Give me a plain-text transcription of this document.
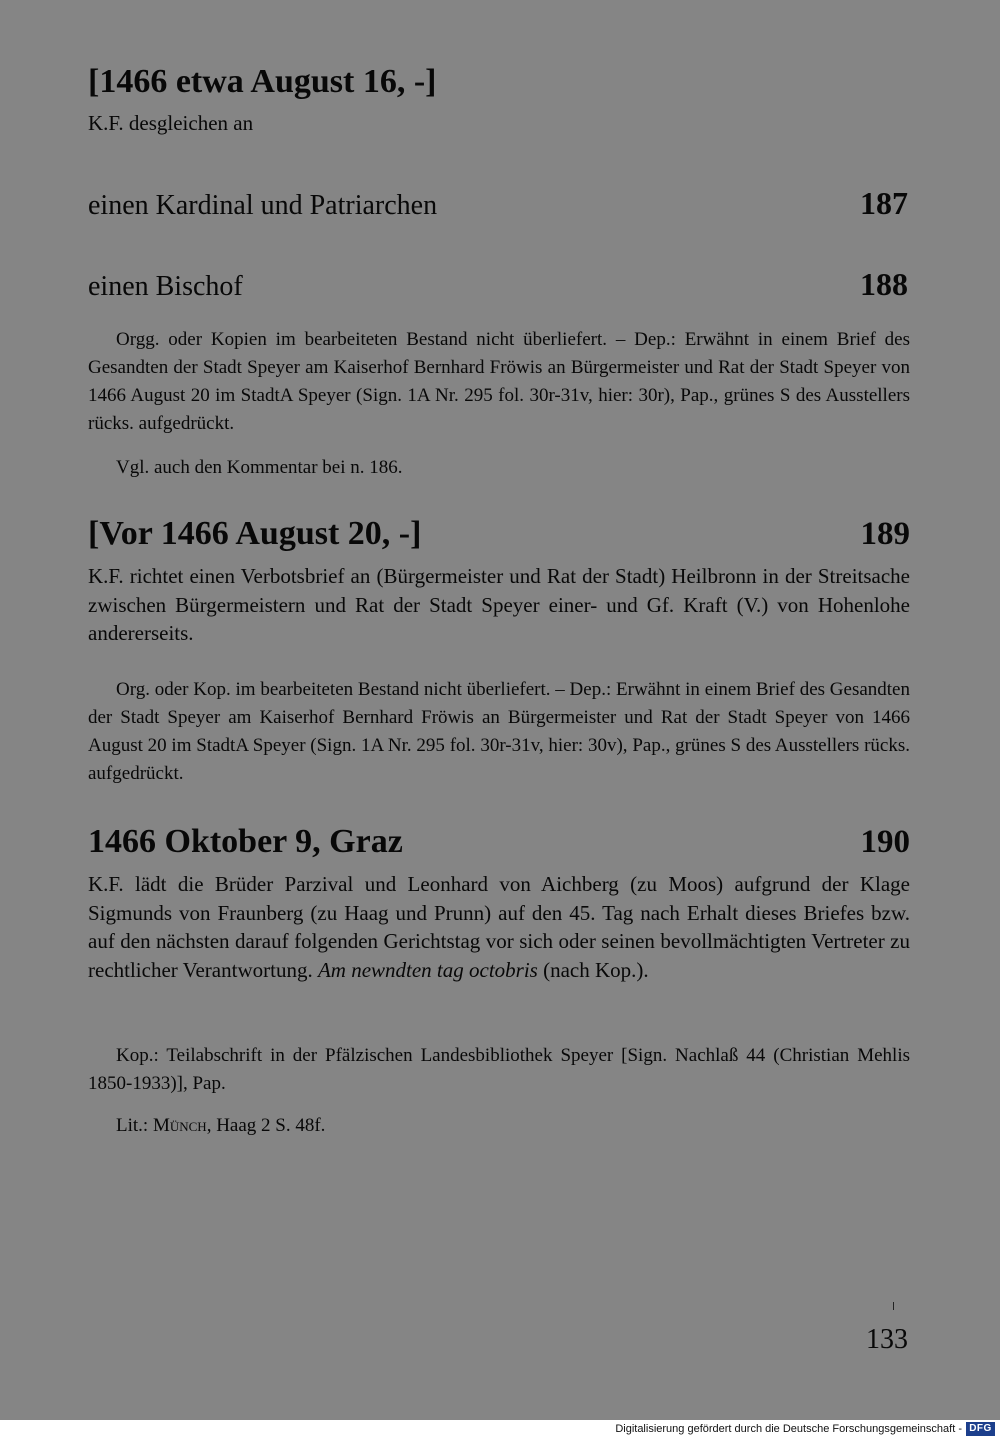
[1466 etwa August 16, -]
K.F. desgleichen an
einen Kardinal und Patriarchen	187
einen Bischof	188

Orgg. oder Kopien im bearbeiteten Bestand nicht überliefert. – Dep.: Erwähnt in einem Brief des Gesandten der Stadt Speyer am Kaiserhof Bernhard Fröwis an Bürgermeister und Rat der Stadt Speyer von 1466 August 20 im StadtA Speyer (Sign. 1A Nr. 295 fol. 30r-31v, hier: 30r), Pap., grünes S des Ausstellers rücks. aufgedrückt.

Vgl. auch den Kommentar bei n. 186.

[Vor 1466 August 20, -]	189

K.F. richtet einen Verbotsbrief an (Bürgermeister und Rat der Stadt) Heilbronn in der Streitsache zwischen Bürgermeistern und Rat der Stadt Speyer einer- und Gf. Kraft (V.) von Hohenlohe andererseits.

Org. oder Kop. im bearbeiteten Bestand nicht überliefert. – Dep.: Erwähnt in einem Brief des Gesandten der Stadt Speyer am Kaiserhof Bernhard Fröwis an Bürgermeister und Rat der Stadt Speyer von 1466 August 20 im StadtA Speyer (Sign. 1A Nr. 295 fol. 30r-31v, hier: 30v), Pap., grünes S des Ausstellers rücks. aufgedrückt.

1466 Oktober 9, Graz	190

K.F. lädt die Brüder Parzival und Leonhard von Aichberg (zu Moos) aufgrund der Klage Sigmunds von Fraunberg (zu Haag und Prunn) auf den 45. Tag nach Erhalt dieses Briefes bzw. auf den nächsten darauf folgenden Gerichtstag vor sich oder seinen bevollmächtigten Vertreter zu rechtlicher Verantwortung. Am newndten tag octobris (nach Kop.).

Kop.: Teilabschrift in der Pfälzischen Landesbibliothek Speyer [Sign. Nachlaß 44 (Christian Mehlis 1850-1933)], Pap.

Lit.: Münch, Haag 2 S. 48f.

133
Digitalisierung gefördert durch die Deutsche Forschungsgemeinschaft - DFG
